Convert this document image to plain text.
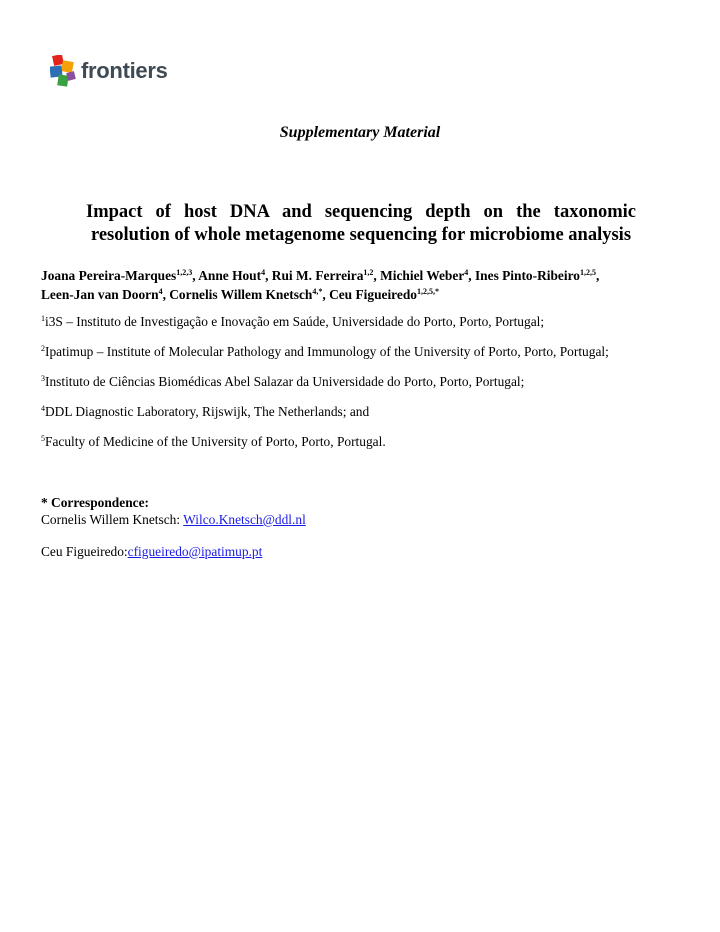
frontiers
Supplementary Material
Impact of host DNA and sequencing depth on the taxonomic resolution of whole metagenome sequencing for microbiome analysis
Joana Pereira-Marques$^{1,2,3}$, Anne Hout$^4$, Rui M. Ferreira$^{1,2}$, Michiel Weber$^4$, Ines Pinto-Ribeiro$^{1,2,5}$,
Leen-Jan van Doorn$^4$, Cornelis Willem Knetsch$^{4,*}$, Ceu Figueiredo$^{1,2,5,*}$
$^1$i3S – Instituto de Investigação e Inovação em Saúde, Universidade do Porto, Porto, Portugal;
$^2$Ipatimup – Institute of Molecular Pathology and Immunology of the University of Porto, Porto, Portugal;
$^3$Instituto de Ciências Biomédicas Abel Salazar da Universidade do Porto, Porto, Portugal;
$^4$DDL Diagnostic Laboratory, Rijswijk, The Netherlands; and
$^5$Faculty of Medicine of the University of Porto, Porto, Portugal.
* Correspondence:
Cornelis Willem Knetsch: Wilco.Knetsch@ddl.nl
Ceu Figueiredo:cfigueiredo@ipatimup.pt
